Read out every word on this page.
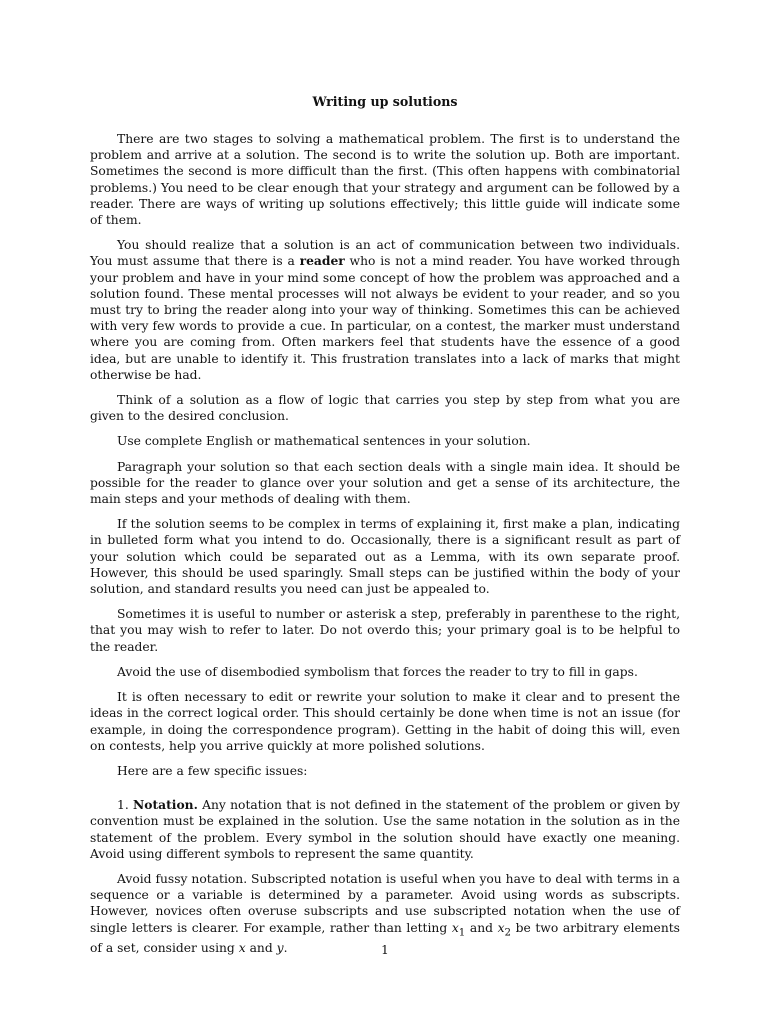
Writing up solutions

There are two stages to solving a mathematical problem. The first is to understand the problem and arrive at a solution. The second is to write the solution up. Both are important. Sometimes the second is more difficult than the first. (This often happens with combinatorial problems.) You need to be clear enough that your strategy and argument can be followed by a reader. There are ways of writing up solutions effectively; this little guide will indicate some of them.

You should realize that a solution is an act of communication between two individuals. You must assume that there is a reader who is not a mind reader. You have worked through your problem and have in your mind some concept of how the problem was approached and a solution found. These mental processes will not always be evident to your reader, and so you must try to bring the reader along into your way of thinking. Sometimes this can be achieved with very few words to provide a cue. In particular, on a contest, the marker must understand where you are coming from. Often markers feel that students have the essence of a good idea, but are unable to identify it. This frustration translates into a lack of marks that might otherwise be had.

Think of a solution as a flow of logic that carries you step by step from what you are given to the desired conclusion.

Use complete English or mathematical sentences in your solution.

Paragraph your solution so that each section deals with a single main idea. It should be possible for the reader to glance over your solution and get a sense of its architecture, the main steps and your methods of dealing with them.

If the solution seems to be complex in terms of explaining it, first make a plan, indicating in bulleted form what you intend to do. Occasionally, there is a significant result as part of your solution which could be separated out as a Lemma, with its own separate proof. However, this should be used sparingly. Small steps can be justified within the body of your solution, and standard results you need can just be appealed to.

Sometimes it is useful to number or asterisk a step, preferably in parenthese to the right, that you may wish to refer to later. Do not overdo this; your primary goal is to be helpful to the reader.

Avoid the use of disembodied symbolism that forces the reader to try to fill in gaps.

It is often necessary to edit or rewrite your solution to make it clear and to present the ideas in the correct logical order. This should certainly be done when time is not an issue (for example, in doing the correspondence program). Getting in the habit of doing this will, even on contests, help you arrive quickly at more polished solutions.

Here are a few specific issues:

1. Notation. Any notation that is not defined in the statement of the problem or given by convention must be explained in the solution. Use the same notation in the solution as in the statement of the problem. Every symbol in the solution should have exactly one meaning. Avoid using different symbols to represent the same quantity.

Avoid fussy notation. Subscripted notation is useful when you have to deal with terms in a sequence or a variable is determined by a parameter. Avoid using words as subscripts. However, novices often overuse subscripts and use subscripted notation when the use of single letters is clearer. For example, rather than letting $x_1$ and $x_2$ be two arbitrary elements of a set, consider using x and y.	1
